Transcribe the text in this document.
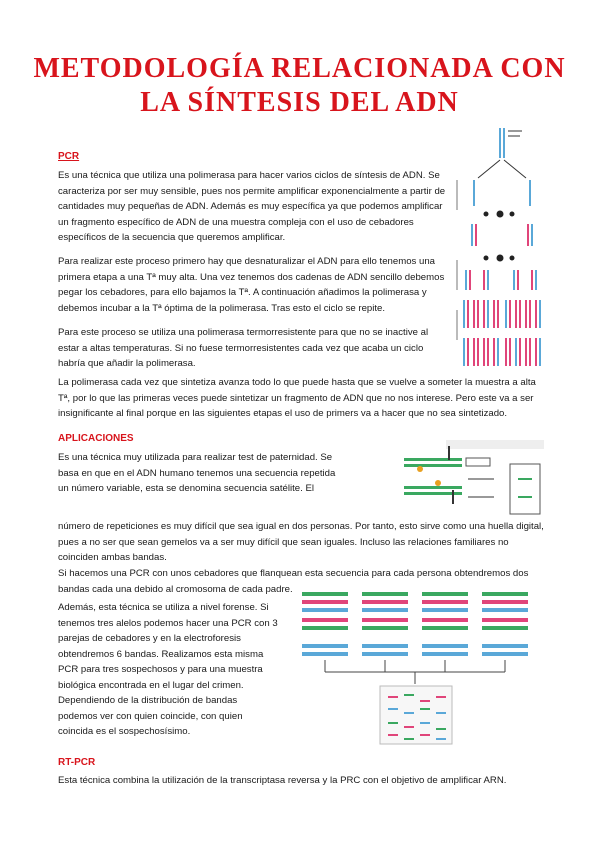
METODOLOGÍA RELACIONADA CON
LA SÍNTESIS DEL ADN
PCR

Es una técnica que utiliza una polimerasa para hacer varios ciclos de síntesis de ADN. Se caracteriza por ser muy sensible, pues nos permite amplificar exponencialmente a partir de cantidades muy pequeñas de ADN. Además es muy específica ya que podemos amplificar un fragmento específico de ADN de una muestra compleja con el uso de cebadores específicos de la secuencia que queremos amplificar.

Para realizar este proceso primero hay que desnaturalizar el ADN para ello tenemos una primera etapa a una Tª muy alta. Una vez tenemos dos cadenas de ADN sencillo debemos pegar los cebadores, para ello bajamos la Tª. A continuación añadimos la polimerasa y debemos incubar a la Tª óptima de la polimerasa. Tras esto el ciclo se repite.

Para este proceso se utiliza una polimerasa termorresistente para que no se inactive al estar a altas temperaturas. Si no fuese termorresistentes cada vez que acaba un ciclo habría que añadir la polimerasa.

La polimerasa cada vez que sintetiza avanza todo lo que puede hasta que se vuelve a someter la muestra a alta Tª, por lo que las primeras veces puede sintetizar un fragmento de ADN que no nos interese. Pero este va a ser insignificante al final porque en las siguientes etapas el uso de primers va a hacer que no sea sintetizado.

APLICACIONES

Es una técnica muy utilizada para realizar test de paternidad. Se basa en que en el ADN humano tenemos una secuencia repetida un número variable, esta se denomina secuencia satélite. El

número de repeticiones es muy difícil que sea igual en dos personas. Por tanto, esto sirve como una huella digital, pues a no ser que sean gemelos va a ser muy difícil que sean iguales. Incluso las relaciones familiares no coinciden ambas bandas.

Si hacemos una PCR con unos cebadores que flanquean esta secuencia para cada persona obtendremos dos bandas cada una debido al cromosoma de cada padre.

Además, esta técnica se utiliza a nivel forense. Si tenemos tres alelos podemos hacer una PCR con 3 parejas de cebadores y en la electroforesis obtendremos 6 bandas. Realizamos esta misma PCR para tres sospechosos y para una muestra biológica encontrada en el lugar del crimen. Dependiendo de la distribución de bandas podemos ver con quien coincide, con quien coincida es el sospechosísimo.

RT-PCR

Esta técnica combina la utilización de la transcriptasa reversa y la PRC con el objetivo de amplificar ARN.
